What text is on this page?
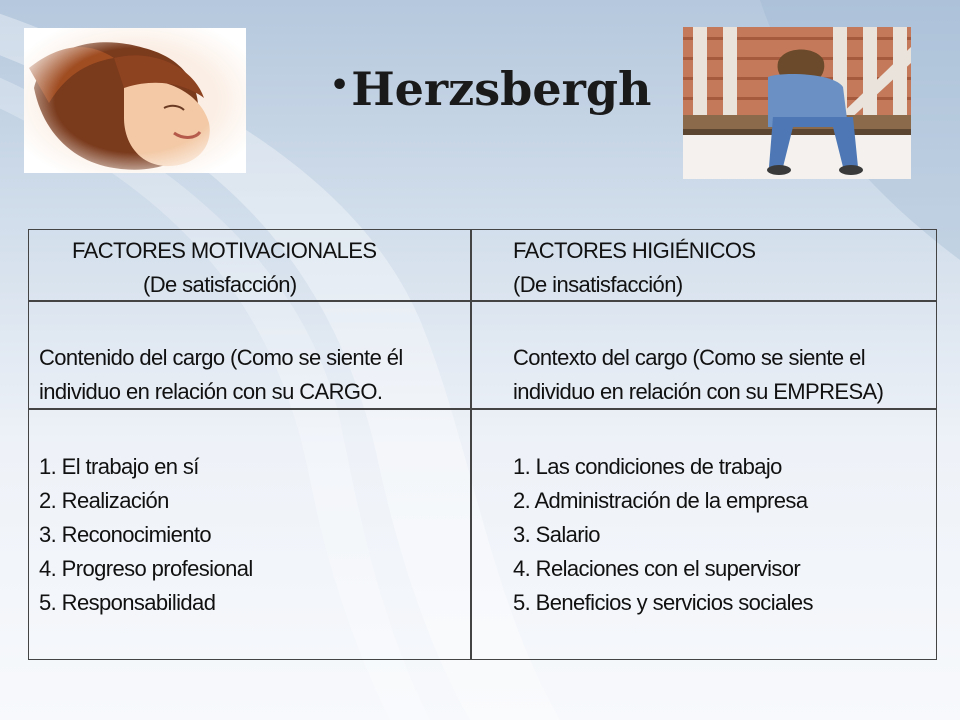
•Herzsbergh
FACTORES MOTIVACIONALES
(De satisfacción)
FACTORES HIGIÉNICOS
(De insatisfacción)
Contenido del cargo (Como se siente él
individuo en relación con su CARGO.
Contexto del cargo (Como se siente el
individuo en relación con su EMPRESA)
1. El trabajo en sí
2. Realización
3. Reconocimiento
4. Progreso profesional
5. Responsabilidad
1. Las condiciones de trabajo
2. Administración de la empresa
3. Salario
4. Relaciones con el supervisor
5. Beneficios y servicios sociales
